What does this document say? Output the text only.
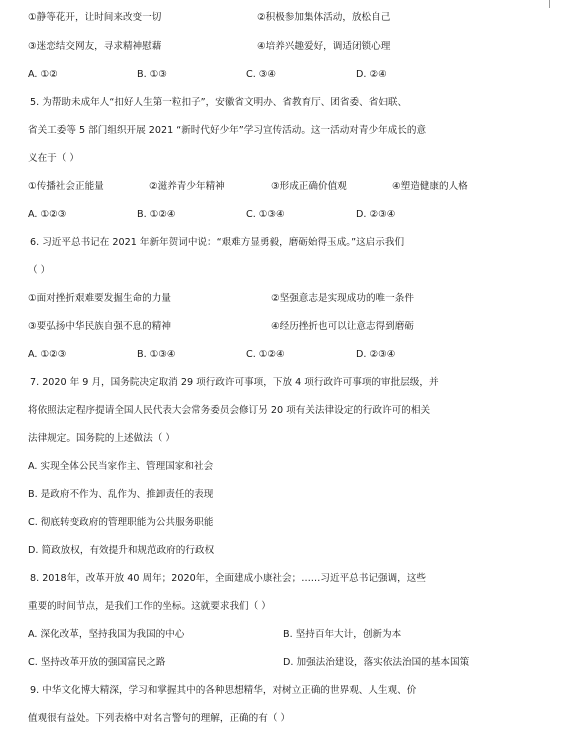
①静等花开，让时间来改变一切	②积极参加集体活动，放松自己
③迷恋结交网友，寻求精神慰藉	④培养兴趣爱好，调适闭锁心理
A. ①②	B. ①③	C. ③④	D. ②④
5. 为帮助未成年人“扣好人生第一粒扣子”，安徽省文明办、省教育厅、团省委、省妇联、
省关工委等 5 部门组织开展 2021 “新时代好少年”学习宣传活动。这一活动对青少年成长的意
义在于（ ）
①传播社会正能量	②滋养青少年精神	③形成正确价值观	④塑造健康的人格
A. ①②③	B. ①②④	C. ①③④	D. ②③④
6. 习近平总书记在 2021 年新年贺词中说：“艰难方显勇毅，磨砺始得玉成。”这启示我们
（ ）
①面对挫折艰难要发掘生命的力量	②坚强意志是实现成功的唯一条件
③要弘扬中华民族自强不息的精神	④经历挫折也可以让意志得到磨砺
A. ①②③	B. ①③④	C. ①②④	D. ②③④
7. 2020 年 9 月，国务院决定取消 29 项行政许可事项，下放 4 项行政许可事项的审批层级，并
将依照法定程序提请全国人民代表大会常务委员会修订另 20 项有关法律设定的行政许可的相关
法律规定。国务院的上述做法（ ）
A. 实现全体公民当家作主、管理国家和社会
B. 是政府不作为、乱作为、推卸责任的表现
C. 彻底转变政府的管理职能为公共服务职能
D. 简政放权，有效提升和规范政府的行政权
8. 2018年，改革开放 40 周年；2020年，全面建成小康社会；……习近平总书记强调，这些
重要的时间节点，是我们工作的坐标。这就要求我们（ ）
A. 深化改革，坚持我国为我国的中心	B. 坚持百年大计，创新为本
C. 坚持改革开放的强国富民之路	D. 加强法治建设，落实依法治国的基本国策
9. 中华文化博大精深，学习和掌握其中的各种思想精华，对树立正确的世界观、人生观、价
值观很有益处。下列表格中对名言警句的理解，正确的有（ ）
